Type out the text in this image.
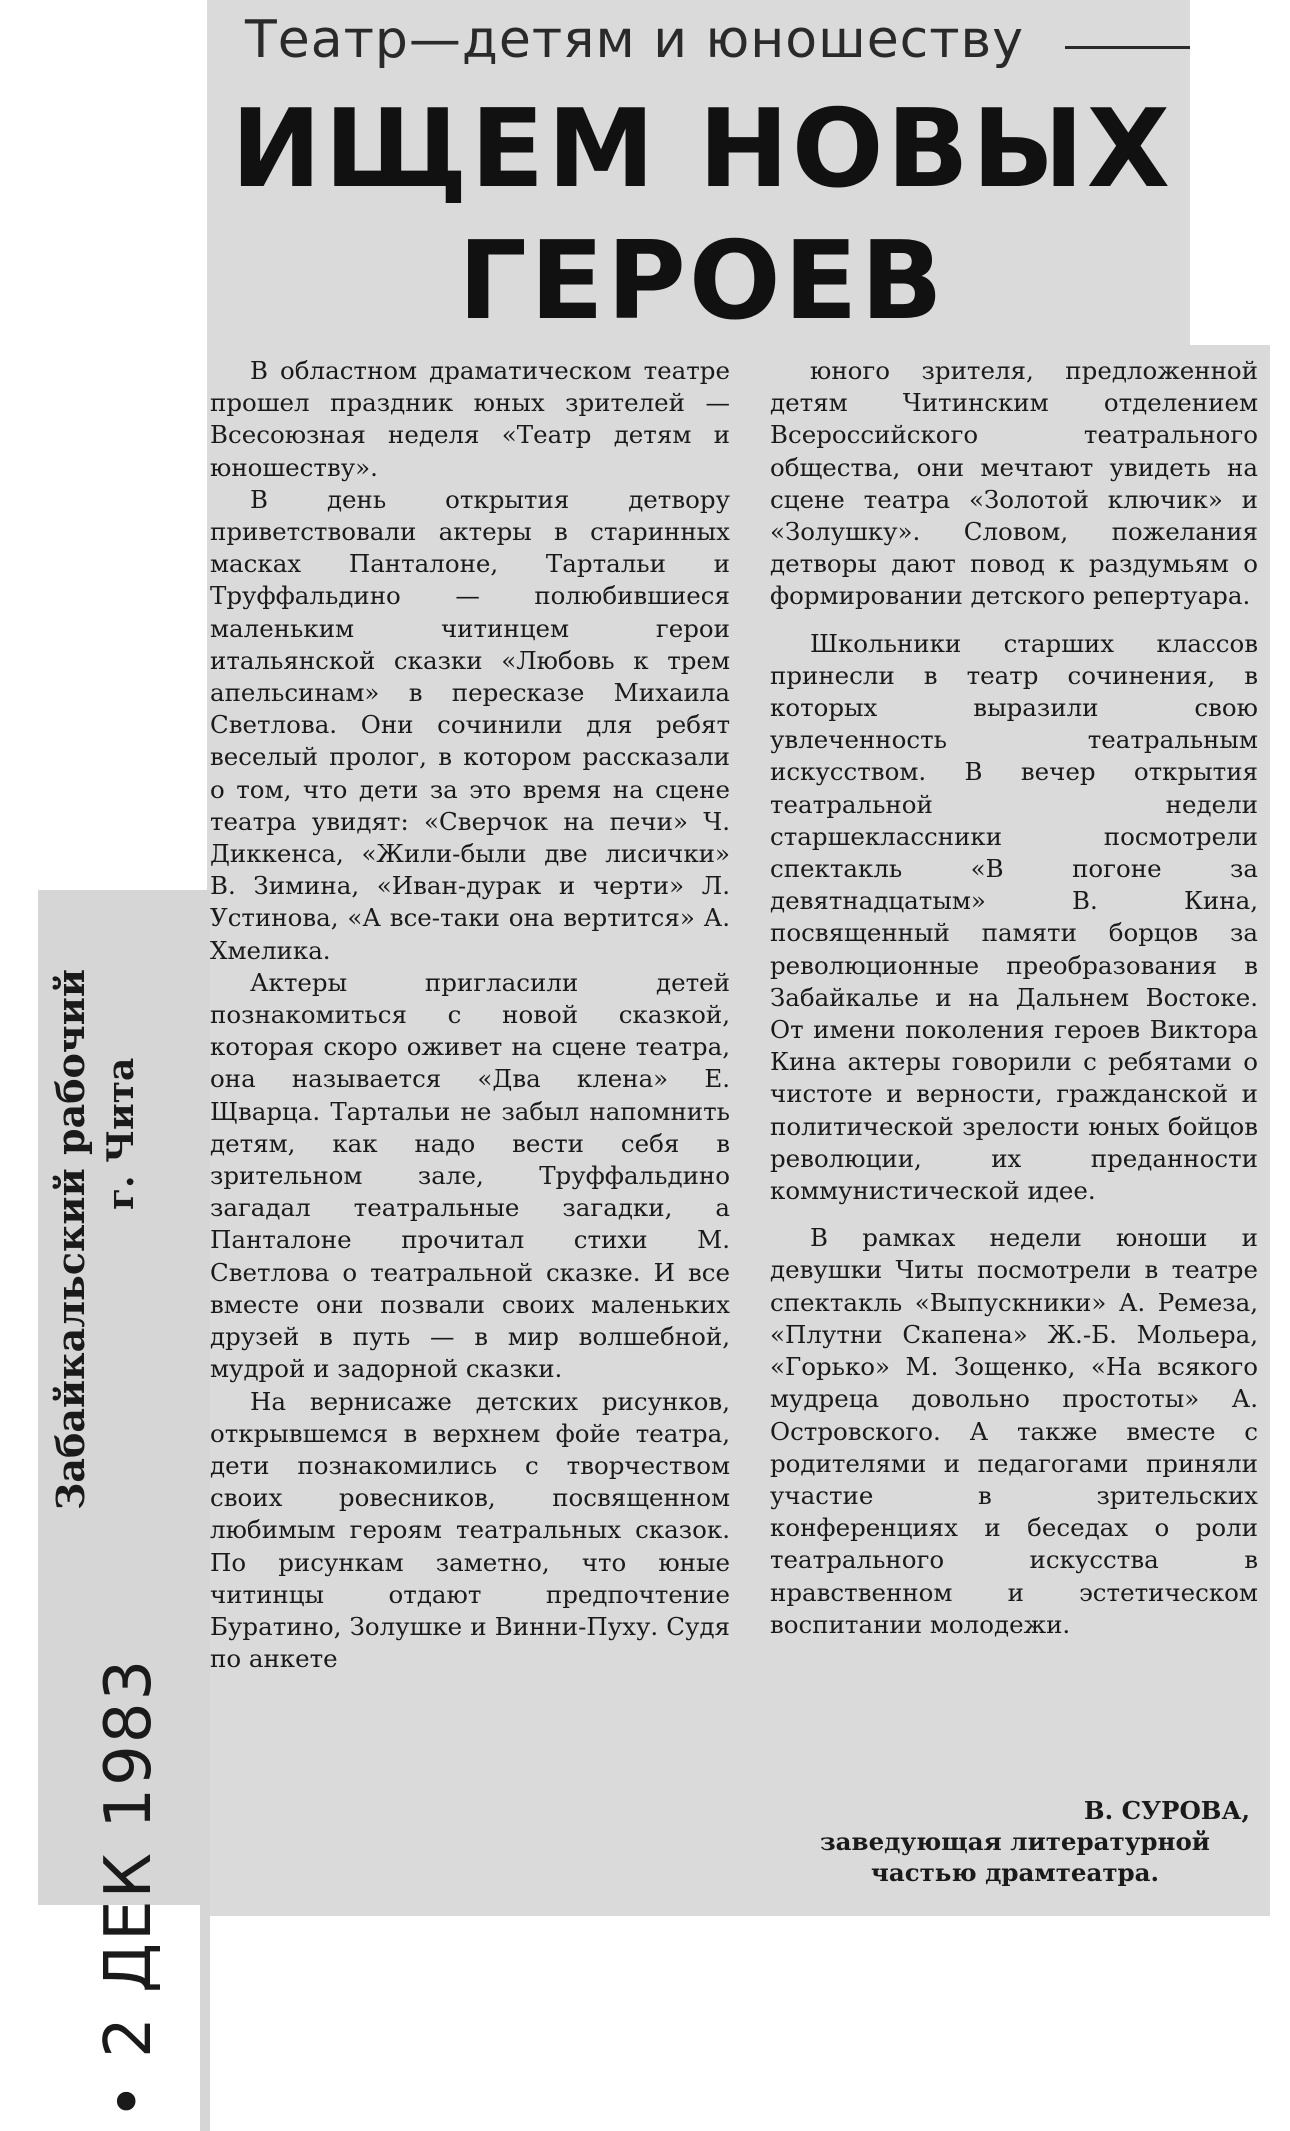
Театр—детям и юношеству
ИЩЕМ НОВЫХ
ГЕРОЕВ

В областном драматическом театре прошел праздник юных зрителей — Всесоюзная неделя «Театр детям и юношеству».

В день открытия детвору приветствовали актеры в старинных масках Панталоне, Тартальи и Труффальдино — полюбившиеся маленьким читинцем герои итальянской сказки «Любовь к трем апельсинам» в пересказе Михаила Светлова. Они сочинили для ребят веселый пролог, в котором рассказали о том, что дети за это время на сцене театра увидят: «Сверчок на печи» Ч. Диккенса, «Жили-были две лисички» В. Зимина, «Иван-дурак и черти» Л. Устинова, «А все-таки она вертится» А. Хмелика.

Актеры пригласили детей познакомиться с новой сказкой, которая скоро оживет на сцене театра, она называется «Два клена» Е. Щварца. Тартальи не забыл напомнить детям, как надо вести себя в зрительном зале, Труффальдино загадал театральные загадки, а Панталоне прочитал стихи М. Светлова о театральной сказке. И все вместе они позвали своих маленьких друзей в путь — в мир волшебной, мудрой и задорной сказки.

На вернисаже детских рисунков, открывшемся в верхнем фойе театра, дети познакомились с творчеством своих ровесников, посвященном любимым героям театральных сказок. По рисункам заметно, что юные читинцы отдают предпочтение Буратино, Золушке и Винни-Пуху. Судя по анкете

юного зрителя, предложенной детям Читинским отделением Всероссийского театрального общества, они мечтают увидеть на сцене театра «Золотой ключик» и «Золушку». Словом, пожелания детворы дают повод к раздумьям о формировании детского репертуара.

Школьники старших классов принесли в театр сочинения, в которых выразили свою увлеченность театральным искусством. В вечер открытия театральной недели старшеклассники посмотрели спектакль «В погоне за девятнадцатым» В. Кина, посвященный памяти борцов за революционные преобразования в Забайкалье и на Дальнем Востоке. От имени поколения героев Виктора Кина актеры говорили с ребятами о чистоте и верности, гражданской и политической зрелости юных бойцов революции, их преданности коммунистической идее.

В рамках недели юноши и девушки Читы посмотрели в театре спектакль «Выпускники» А. Ремеза, «Плутни Скапена» Ж.-Б. Мольера, «Горько» М. Зощенко, «На всякого мудреца довольно простоты» А. Островского. А также вместе с родителями и педагогами приняли участие в зрительских конференциях и беседах о роли театрального искусства в нравственном и эстетическом воспитании молодежи.

В. СУРОВА,
заведующая литературной частью драмтеатра.
Забайкальский рабочий г. Чита
• 2 ДЕК 1983
